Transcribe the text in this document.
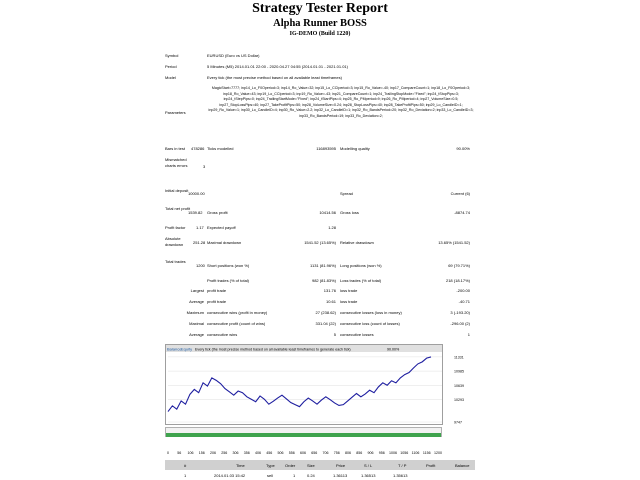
Strategy Tester Report
Alpha Runner BOSS
IG-DEMO (Build 1220)
Symbol	EURUSD (Euro vs US Dollar)
Period	5 Minutes (M5) 2014.01.01 22:00 - 2020.04.27 04:55 (2014.01.01 - 2021.01.01)
Model	Every tick (the most precise method based on all available least timeframes)
Parameters
MagicStart=7777; inp14_Lo_F0Operiod=3; inp14_Ro_Value=32; inp15_Lo_CCIperiod=3; inp15_Ro_Value=-40; inp17_CompareCount=1; inp18_Lo_F0Operiod=3; inp18_Ro_Value=43; inp19_Lo_CCIperiod=3; inp19_Ro_Value=-43; inp21_CompareCount=1; inp24_TrailingStopMode="Fixed"; inp24_tStopPips=3; inp24_tStepPips=0; inp24_TrailingStartMode="Fixed"; inp24_tStartPips=4; inp25_Ro_PMperiod=9; inp26_Ro_PMperiod=4; inp27_VolumeSize=0.5; inp27_StopLossPips=40; inp27_TakeProfitPips=50; inp28_VolumeSize=0.24; inp28_StopLossPips=40; inp28_TakeProfitPips=50; inp29_Lo_CandleID=1; inp29_Ro_Value=1; inp30_Lo_CandleID=4; inp30_Ro_Value=2.2; inp32_Lo_CandleID=1; inp32_Ro_BandsPeriod=20; inp32_Ro_Deviation=2; inp33_Lo_CandleID=3; inp33_Ro_BandsPeriod=19; inp33_Ro_Deviation=2;
Bars in test 478286 Ticks modelled	116893595 Modelling quality	90.00%
Mismatched charts errors	3
Initial deposit
10000.00	Spread	Current (6)
Total net profit
1539.82 Gross profit	10414.56 Gross loss	-8874.74
Profit factor	1.17 Expected payoff	1.28
Absolute drawdown	251.28 Maximal drawdown	1541.52 (13.65%) Relative drawdown	13.65% (1541.52)
Total trades
1200 Short positions (won %)	1131 (81.96%) Long positions (won %)	69 (79.71%)
Profit trades (% of total)	982 (81.83%) Loss trades (% of total)	218 (18.17%)
Largest profit trade	131.76 loss trade	-200.00
Average profit trade	10.61 loss trade	-40.71
Maximum consecutive wins (profit in money)	27 (238.62) consecutive losses (loss in money)	3 (-193.20)
Maximal consecutive profit (count of wins)	331.04 (22) consecutive loss (count of losses)	-296.00 (2)
Average consecutive wins	5 consecutive losses	1
Balance Equity Every tick (the most precise method based on all available least timeframes to generate each tick)	90.00%
11331
10985
10639
10293
9747
0 56 106 156 206 256 306 356 406 456 506 556 606 656 706 756 806 856 906 956 1006 1056 1106 1156 1200
#	Time	Type	Order	Size	Price	S / L	T / P	Profit	Balance
1	2014.01.03 15:42	sell	1	0.24	1.36113	1.36513	1.35613
